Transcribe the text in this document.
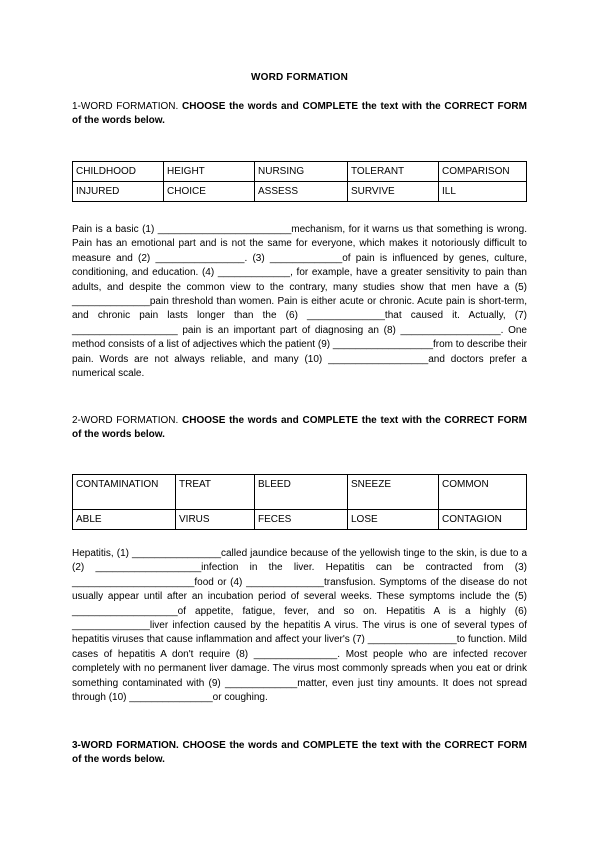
WORD FORMATION
1-WORD FORMATION. CHOOSE the words and COMPLETE the text with the CORRECT FORM of the words below.
CHILDHOOD	HEIGHT	NURSING	TOLERANT	COMPARISON
INJURED	CHOICE	ASSESS	SURVIVE	ILL
Pain is a basic (1) ________________________mechanism, for it warns us that something is wrong. Pain has an emotional part and is not the same for everyone, which makes it notoriously difficult to measure and (2) ________________. (3) _____________of pain is influenced by genes, culture, conditioning, and education. (4) _____________, for example, have a greater sensitivity to pain than adults, and despite the common view to the contrary, many studies show that men have a (5) ______________pain threshold than women. Pain is either acute or chronic. Acute pain is short-term, and chronic pain lasts longer than the (6) ______________that caused it. Actually, (7) ___________________ pain is an important part of diagnosing an (8) __________________. One method consists of a list of adjectives which the patient (9) __________________from to describe their pain. Words are not always reliable, and many (10) __________________and doctors prefer a numerical scale.
2-WORD FORMATION. CHOOSE the words and COMPLETE the text with the CORRECT FORM of the words below.
CONTAMINATION	TREAT	BLEED	SNEEZE	COMMON
ABLE	VIRUS	FECES	LOSE	CONTAGION
Hepatitis, (1) ________________called jaundice because of the yellowish tinge to the skin, is due to a (2) ___________________infection in the liver. Hepatitis can be contracted from (3) ______________________food or (4) ______________transfusion. Symptoms of the disease do not usually appear until after an incubation period of several weeks. These symptoms include the (5) ___________________of appetite, fatigue, fever, and so on. Hepatitis A is a highly (6) ______________liver infection caused by the hepatitis A virus. The virus is one of several types of hepatitis viruses that cause inflammation and affect your liver's (7) ________________to function. Mild cases of hepatitis A don't require (8) _______________. Most people who are infected recover completely with no permanent liver damage. The virus most commonly spreads when you eat or drink something contaminated with (9) _____________matter, even just tiny amounts. It does not spread through (10) _______________or coughing.
3-WORD FORMATION. CHOOSE the words and COMPLETE the text with the CORRECT FORM of the words below.
